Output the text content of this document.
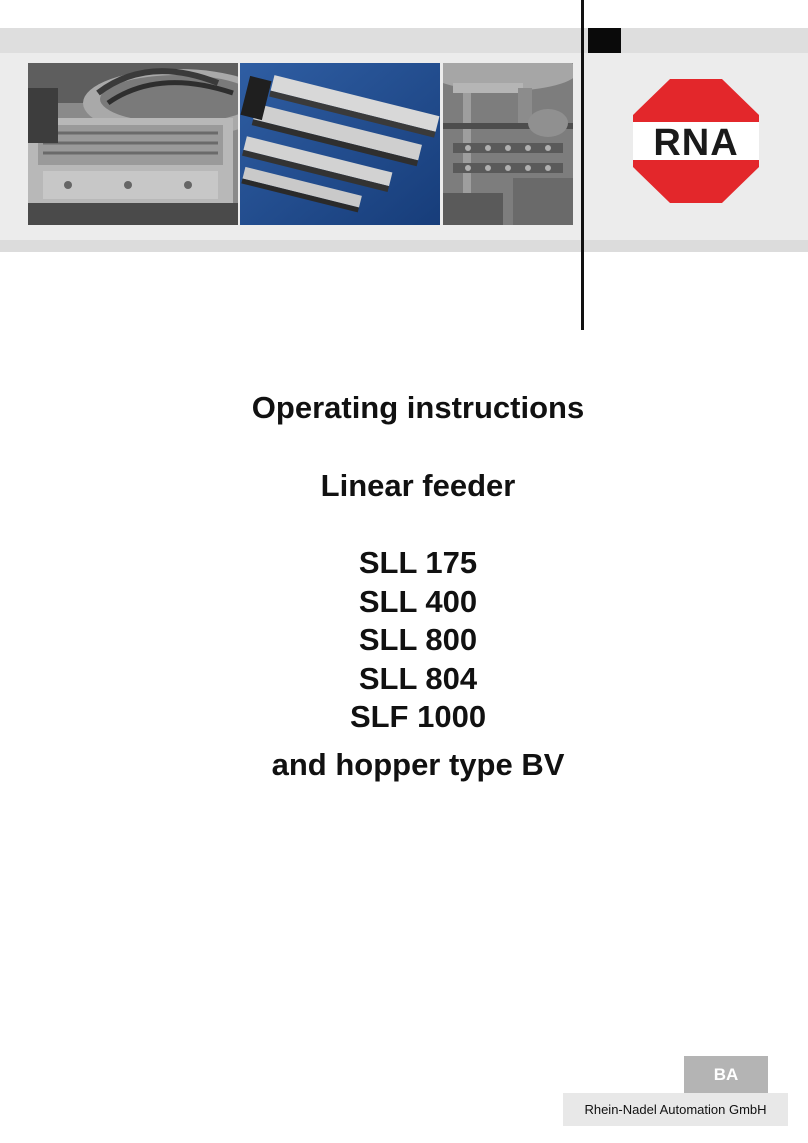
RNA
Operating instructions
Linear feeder
SLL 175
SLL 400
SLL 800
SLL 804
SLF 1000
and hopper type BV
BA
Rhein-Nadel Automation GmbH
